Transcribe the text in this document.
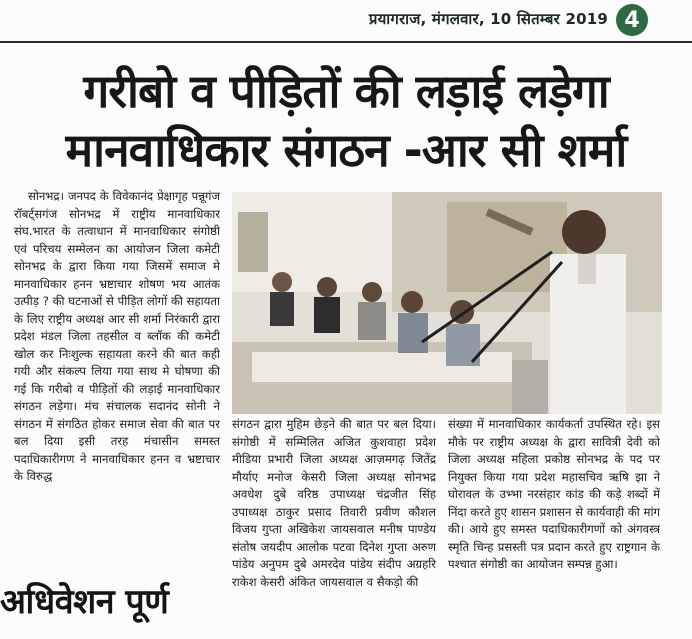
प्रयागराज, मंगलवार, 10 सितम्बर 2019 4
गरीबो व पीड़ितों की लड़ाई लड़ेगा
मानवाधिकार संगठन -आर सी शर्मा

सोनभद्र। जनपद के विवेकानंद प्रेक्षागृह पन्नूगंज रॉबर्ट्सगंज सोनभद्र में राष्ट्रीय मानवाधिकार संघ.भारत के तत्वाधान में मानवाधिकार संगोष्ठी एवं परिचय सम्मेलन का आयोजन जिला कमेटी सोनभद्र के द्वारा किया गया जिसमें समाज मे मानवाधिकार हनन भ्रष्टाचार शोषण भय आतंक उत्पीड़ ? की घटनाओं से पीड़ित लोगों की सहायता के लिए राष्ट्रीय अध्यक्ष आर सी शर्मा निरंकारी द्वारा प्रदेश मंडल जिला तहसील व ब्लॉक की कमेटी खोल कर निःशुल्क सहायता करने की बात कही गयी और संकल्प लिया गया साथ मे घोषणा की गई कि गरीबो व पीड़ितों की लड़ाई मानवाधिकार संगठन लड़ेगा। मंच संचालक सदानंद सोनी ने संगठन में संगठित होकर समाज सेवा की बात पर बल दिया इसी तरह मंचासीन समस्त पदाधिकारीगण ने मानवाधिकार हनन व भ्रष्टाचार के विरुद्ध

संगठन द्वारा मुहिम छेड़ने की बात पर बल दिया। संगोष्ठी में सम्मिलित अजित कुशवाहा प्रदेश मीडिया प्रभारी जिला अध्यक्ष आज़मगढ़ जितेंद्र मौर्याए मनोज केसरी जिला अध्यक्ष सोनभद्र अवधेश दुबे वरिष्ठ उपाध्यक्ष चंद्रजीत सिंह उपाध्यक्ष ठाकुर प्रसाद तिवारी प्रवीण कौशल विजय गुप्ता अखिकेश जायसवाल मनीष पाण्डेय संतोष जयदीप आलोक पटवा दिनेश गुप्ता अरुण पांडेय अनुपम दुबे अमरदेव पांडेय संदीप अग्रहरि राकेश केसरी अंकित जायसवाल व सैकड़ो की

संख्या में मानवाधिकार कार्यकर्ता उपस्थित रहे। इस मौके पर राष्ट्रीय अध्यक्ष के द्वारा सावित्री देवी को जिला अध्यक्ष महिला प्रकोष्ठ सोनभद्र के पद पर नियुक्त किया गया प्रदेश महासचिव ऋषि झा ने घोरावल के उभ्भा नरसंहार कांड की कड़े शब्दों में निंदा करते हुए शासन प्रशासन से कार्यवाही की मांग की। आये हुए समस्त पदाधिकारीगणों को अंगवस्त्र स्मृति चिन्ह प्रसस्ती पत्र प्रदान करते हुए राष्ट्रगान के पश्चात संगोष्ठी का आयोजन सम्पन्न हुआ।

अधिवेशन पूर्ण
